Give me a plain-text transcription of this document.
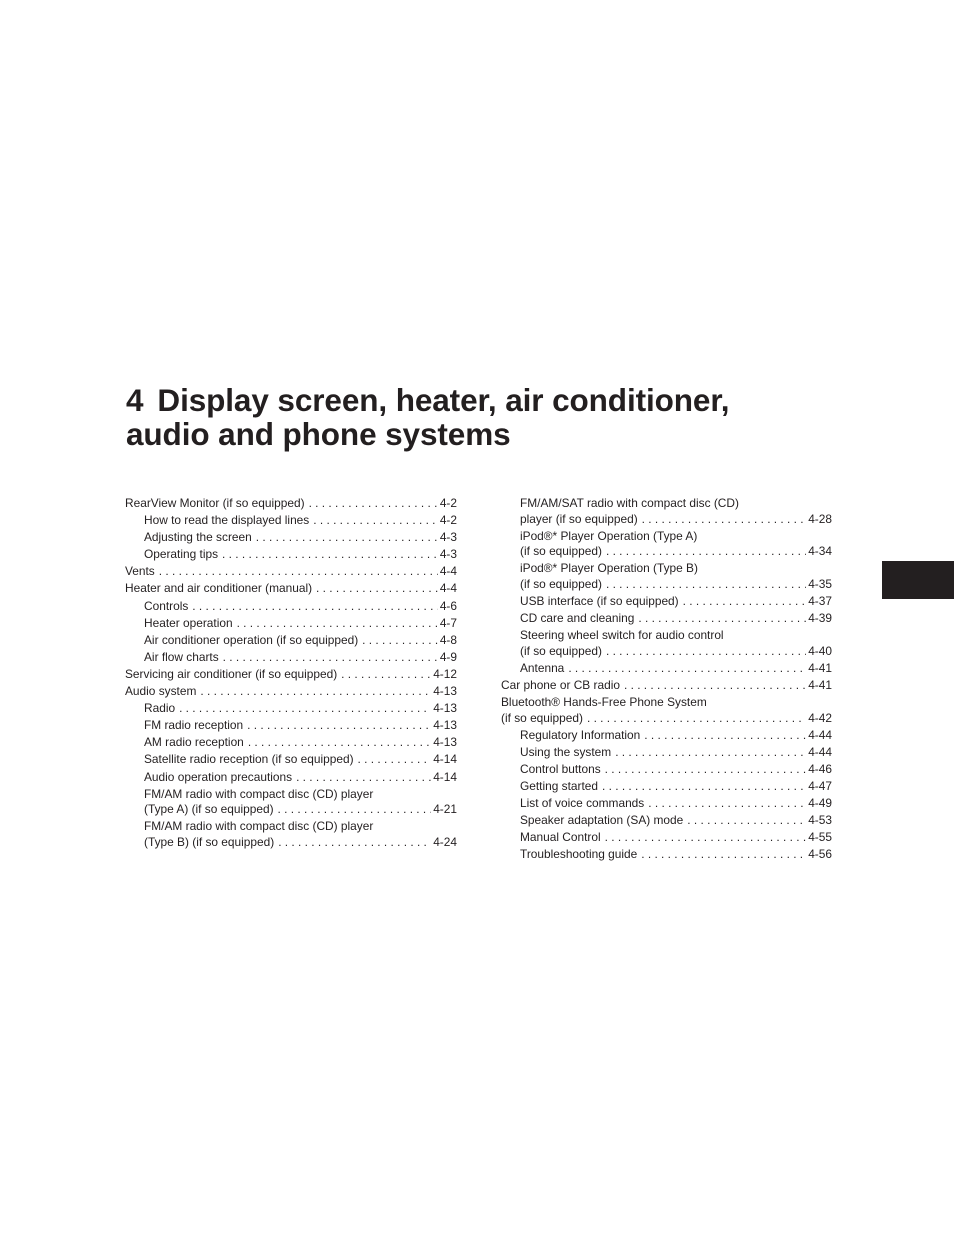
4 Display screen, heater, air conditioner,
audio and phone systems
RearView Monitor (if so equipped) . . .	4-2
How to read the displayed lines . . .	4-2
Adjusting the screen . . .	4-3
Operating tips . . .	4-3
Vents . . .	4-4
Heater and air conditioner (manual) . . .	4-4
Controls . . .	4-6
Heater operation . . .	4-7
Air conditioner operation (if so equipped) . . .	4-8
Air flow charts . . .	4-9
Servicing air conditioner (if so equipped) . . .	4-12
Audio system . . .	4-13
Radio . . .	4-13
FM radio reception . . .	4-13
AM radio reception . . .	4-13
Satellite radio reception (if so equipped) . . .	4-14
Audio operation precautions . . .	4-14
FM/AM radio with compact disc (CD) player
(Type A) (if so equipped) . . .	4-21
FM/AM radio with compact disc (CD) player
(Type B) (if so equipped) . . .	4-24
FM/AM/SAT radio with compact disc (CD)
player (if so equipped) . . .	4-28
iPod®* Player Operation (Type A)
(if so equipped) . . .	4-34
iPod®* Player Operation (Type B)
(if so equipped) . . .	4-35
USB interface (if so equipped) . . .	4-37
CD care and cleaning . . .	4-39
Steering wheel switch for audio control
(if so equipped) . . .	4-40
Antenna . . .	4-41
Car phone or CB radio . . .	4-41
Bluetooth® Hands-Free Phone System
(if so equipped) . . .	4-42
Regulatory Information . . .	4-44
Using the system . . .	4-44
Control buttons . . .	4-46
Getting started . . .	4-47
List of voice commands . . .	4-49
Speaker adaptation (SA) mode . . .	4-53
Manual Control . . .	4-55
Troubleshooting guide . . .	4-56
